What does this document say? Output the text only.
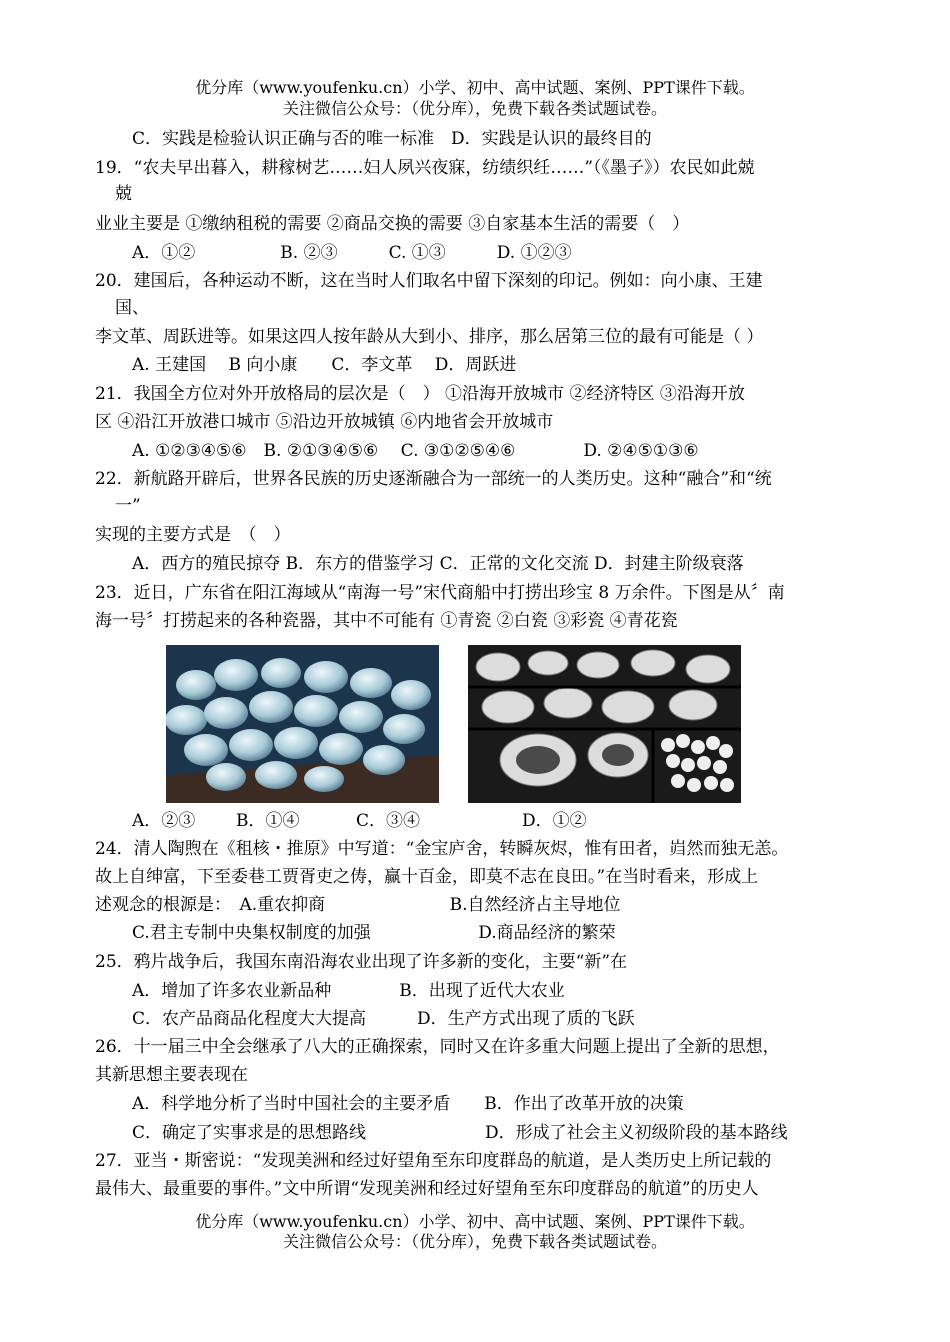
优分库（www.youfenku.cn）小学、初中、高中试题、案例、PPT课件下载。
关注微信公众号：（优分库），免费下载各类试题试卷。
C．实践是检验认识正确与否的唯一标准　D．实践是认识的最终目的
19．“农夫早出暮入，耕稼树艺……妇人夙兴夜寐，纺绩织纴……”（《墨子》）农民如此兢
兢
业业主要是 ①缴纳租税的需要 ②商品交换的需要 ③自家基本生活的需要（　）
A．①②　　　　　B. ②③　　　C. ①③　　　D. ①②③
20．建国后，各种运动不断，这在当时人们取名中留下深刻的印记。例如：向小康、王建
国、
李文革、周跃进等。如果这四人按年龄从大到小、排序，那么居第三位的最有可能是（ ）
A. 王建国　 B 向小康　　C．李文革　 D．周跃进
21．我国全方位对外开放格局的层次是（　） ①沿海开放城市 ②经济特区 ③沿海开放
区 ④沿江开放港口城市 ⑤沿边开放城镇 ⑥内地省会开放城市
A. ①②③④⑤⑥　B. ②①③④⑤⑥　 C. ③①②⑤④⑥　　　　D. ②④⑤①③⑥
22．新航路开辟后，世界各民族的历史逐渐融合为一部统一的人类历史。这种“融合”和“统
一”
实现的主要方式是　（　）
A．西方的殖民掠夺 B．东方的借鉴学习 C．正常的文化交流 D．封建主阶级衰落
23．近日，广东省在阳江海域从“南海一号”宋代商船中打捞出珍宝 8 万余件。下图是从〞南
海一号〞打捞起来的各种瓷器，其中不可能有 ①青瓷 ②白瓷 ③彩瓷 ④青花瓷
A．②③ B．①④	C．③④	D．①②
24．清人陶煦在《租核・推原》中写道：“金宝庐舍，转瞬灰烬，惟有田者，岿然而独无恙。
故上自绅富，下至委巷工贾胥吏之俦，赢十百金，即莫不志在良田。”在当时看来，形成上
述观念的根源是：　A.重农抑商　　　　　　　 B.自然经济占主导地位
C.君主专制中央集权制度的加强　　　　　　 D.商品经济的繁荣
25．鸦片战争后，我国东南沿海农业出现了许多新的变化，主要“新”在
A．增加了许多农业新品种　　　　B．出现了近代大农业
C．农产品商品化程度大大提高　　　D．生产方式出现了质的飞跃
26．十一届三中全会继承了八大的正确探索，同时又在许多重大问题上提出了全新的思想，
其新思想主要表现在
A．科学地分析了当时中国社会的主要矛盾　　B．作出了改革开放的决策
C．确定了实事求是的思想路线　　　　　　　D．形成了社会主义初级阶段的基本路线
27．亚当・斯密说：“发现美洲和经过好望角至东印度群岛的航道，是人类历史上所记载的
最伟大、最重要的事件。”文中所谓“发现美洲和经过好望角至东印度群岛的航道”的历史人
优分库（www.youfenku.cn）小学、初中、高中试题、案例、PPT课件下载。
关注微信公众号：（优分库），免费下载各类试题试卷。
